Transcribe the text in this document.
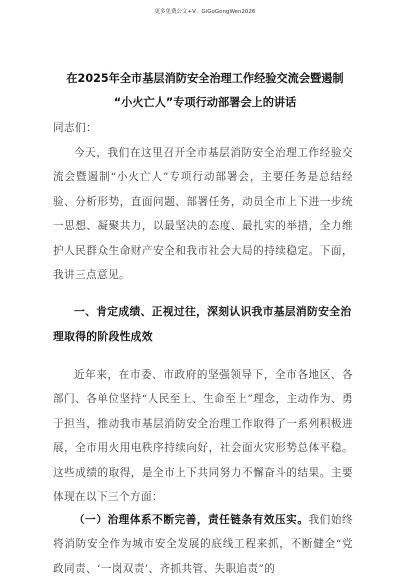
更多免费公文+V：GiGoGongWen2026
在2025年全市基层消防安全治理工作经验交流会暨遏制
“小火亡人”专项行动部署会上的讲话
同志们：
今天，我们在这里召开全市基层消防安全治理工作经验交流会暨遏制“小火亡人”专项行动部署会，主要任务是总结经验、分析形势，直面问题、部署任务，动员全市上下进一步统一思想、凝聚共力，以最坚决的态度、最扎实的举措，全力维护人民群众生命财产安全和我市社会大局的持续稳定。下面，我讲三点意见。
一、肯定成绩、正视过往，深刻认识我市基层消防安全治理取得的阶段性成效
近年来，在市委、市政府的坚强领导下，全市各地区、各部门、各单位坚持“人民至上、生命至上”理念，主动作为、勇于担当，推动我市基层消防安全治理工作取得了一系列积极进展，全市用火用电秩序持续向好，社会面火灾形势总体平稳。这些成绩的取得，是全市上下共同努力不懈奋斗的结果。主要体现在以下三个方面：
（一）治理体系不断完善，责任链条有效压实。我们始终将消防安全作为城市安全发展的底线工程来抓，不断健全“党政同责、‘一岗双责’、齐抓共管、失职追责”的
